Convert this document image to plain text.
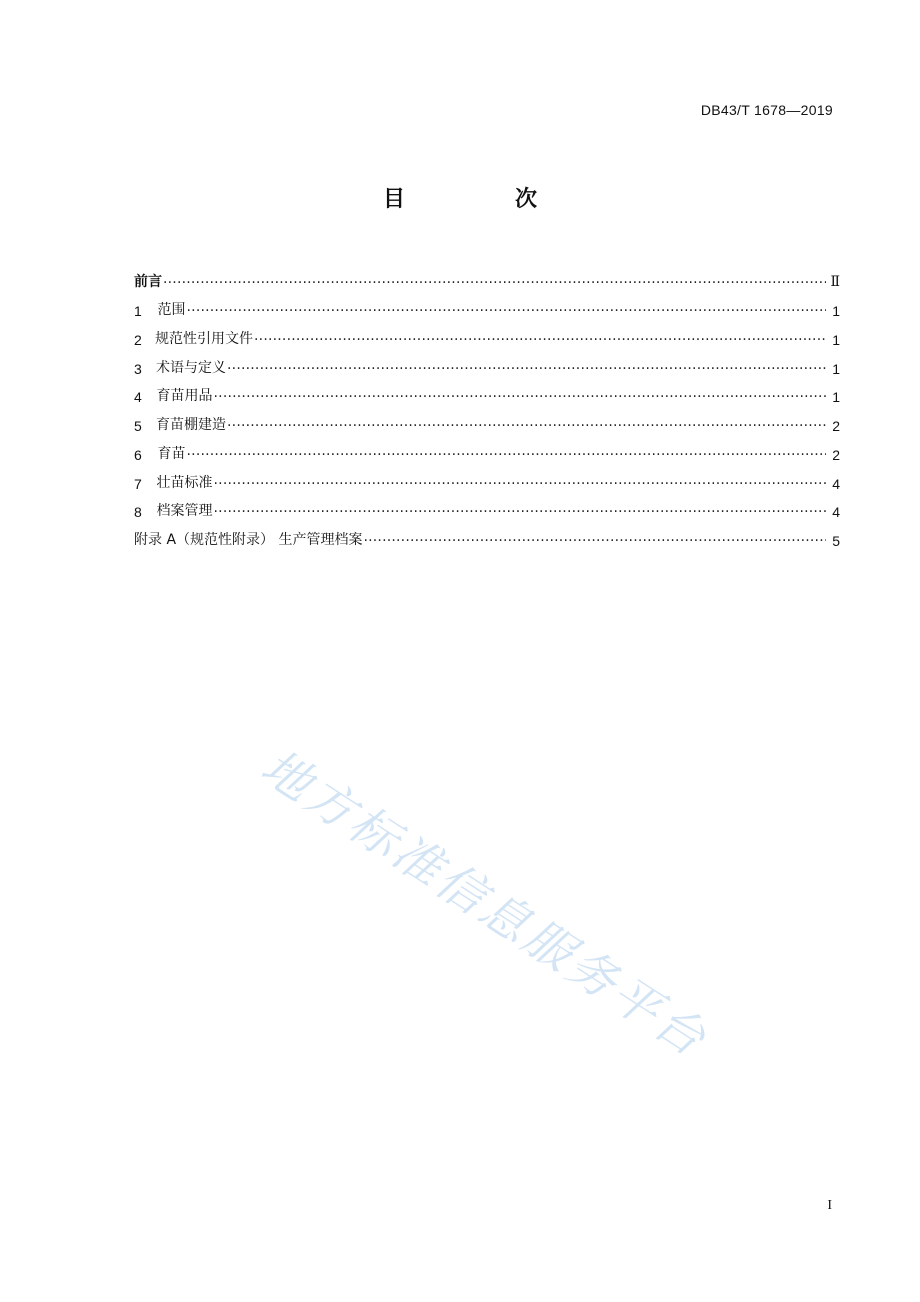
DB43/T 1678—2019
目　次
前言 ·····	Ⅱ
1	范围 ·····	1
2 规范性引用文件 ·····	1
3	术语与定义 ·····	1
4	育苗用品 ·····	1
5	育苗棚建造 ·····	2
6	育苗 ·····	2
7	壮苗标准 ·····	4
8	档案管理 ·····	4
附录 A（规范性附录） 生产管理档案 ·····	5
地方标准信息服务平台
I
